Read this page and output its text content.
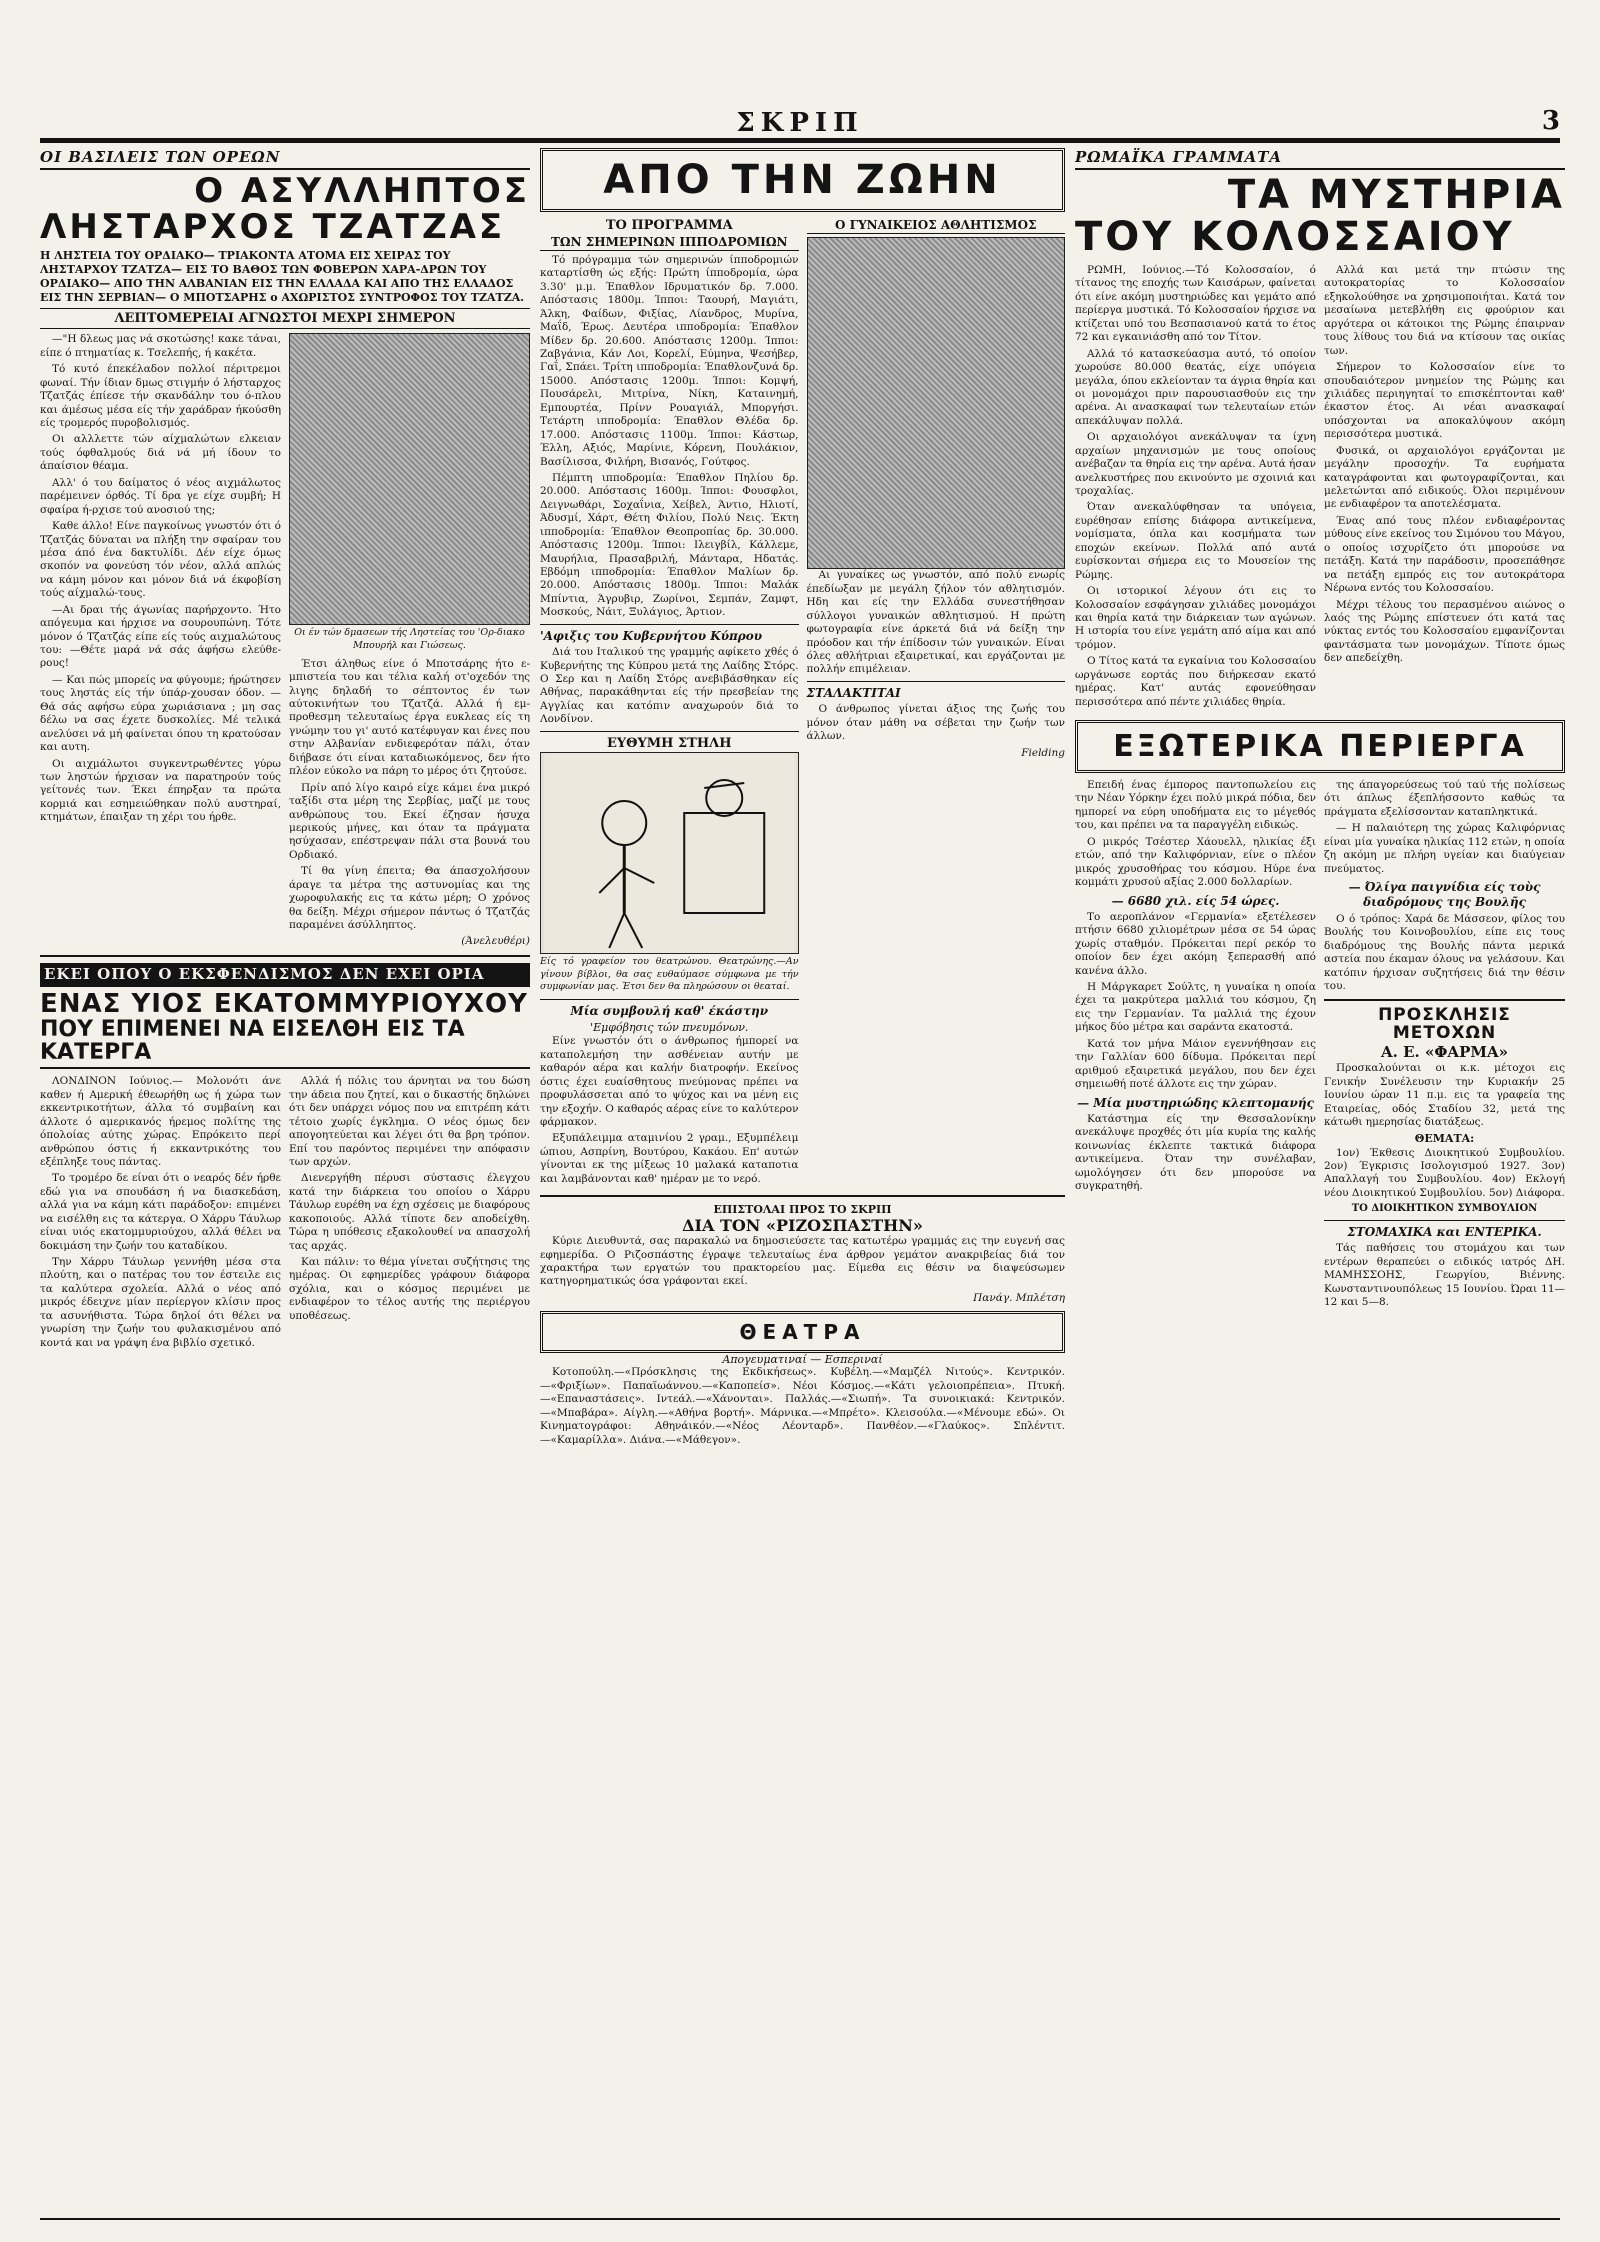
ΣΚΡΙΠ	3
ΟΙ ΒΑΣΙΛΕΙΣ ΤΩΝ ΟΡΕΩΝ
Ο ΑΣΥΛΛΗΠΤΟΣ
ΛΗΣΤΑΡΧΟΣ ΤΖΑΤΖΑΣ
Η ΛΗΣΤΕΙΑ ΤΟΥ ΟΡΔΙΑΚΟ— ΤΡΙΑΚΟΝΤΑ ΑΤΟΜΑ ΕΙΣ ΧΕΙΡΑΣ ΤΟΥ ΛΗΣΤΑΡΧΟΥ ΤΖΑΤΖΑ— ΕΙΣ ΤΟ ΒΑΘΟΣ ΤΩΝ ΦΟΒΕΡΩΝ ΧΑΡΑ-ΔΡΩΝ ΤΟΥ ΟΡΔΙΑΚΟ— ΑΠΟ ΤΗΝ ΑΛΒΑΝΙΑΝ ΕΙΣ ΤΗΝ ΕΛΛΑΔΑ ΚΑΙ ΑΠΟ ΤΗΣ ΕΛΛΑΔΟΣ ΕΙΣ ΤΗΝ ΣΕΡΒΙΑΝ— Ο ΜΠΟΤΣΑΡΗΣ ο ΑΧΩΡΙΣΤΟΣ ΣΥΝΤΡΟΦΟΣ ΤΟΥ ΤΖΑΤΖΑ.
ΛΕΠΤΟΜΕΡΕΙΑΙ ΑΓΝΩΣΤΟΙ ΜΕΧΡΙ ΣΗΜΕΡΟΝ

—"Η δλεως μας νά σκοτώσης! κακε τάναι, είπε ό πτηματίας κ. Τσελεπής, ή κακέτα.

Τό κυτό έπεκέλαδον πολλοί πέριτρεμοι φωναί. Τήν ίδιαν δμως στιγμήν ό λήσταρχος Τζατζάς έπίεσε τήν σκανδάλην του ό-πλου και άμέσως μέσα είς τήν χαράδραν ήκούσθη είς τρομερός πυροβολισμός.

Οι αλλλεττε τών αίχμαλώτων ελκειαν τούς όφθαλμούς διά νά μή ίδουν το άπαίσιον θέαμα.

Αλλ' ό του δαίματος ό νέος αιχμάλωτος παρέμεινεν όρθός. Τί δρα γε είχε συμβή; Η σφαίρα ή-ρχισε τού ανοσιού της;

Καθε άλλο! Είνε παγκοίνως γνωστόν ότι ό Τζατζάς δύναται να πλήξη την σφαίραν του μέσα άπό ένα δακτυλίδι. Δέν είχε όμως σκοπόν να φονεύση τόν νέον, αλλά απλώς να κάμη μόνον και μόνον διά νά έκφοβίση τούς αίχμαλώ-τους.

—Αι δραι τής άγωνίας παρήρχοντο. Ήτο απόγευμα και ήρχισε να σουρουπώνη. Τότε μόνον ό Τζατζάς είπε είς τούς αιχμαλώτους του: —Θέτε μαρά νά σάς άφήσω ελεύθε-ρους!

— Και πώς μπορείς να φύγουμε; ήρώτησεν τους ληστάς είς τήν ύπάρ-χουσαν όδον. — Θά σάς αφήσω εύρα χωριάσιανα ; μη σας δέλω να σας έχετε δυσκολίες. Μέ τελικά ανελύσει νά μή φαίνεται όπου τη κρατούσαν και αυτη.

Οι αιχμάλωτοι συγκεντρωθέντες γύρω των ληστών ήρχισαν να παρατηρούν τούς γείτονές των. Έκει έπηρξαν τα πρώτα κορμιά και εσημειώθηκαν πολύ αυστηραί, κτημάτων, έπαιξαν τη χέρι του ήρθε.

Οι έν τών δμασεων τής Ληστείας του 'Ορ-διακο Μπουρήλ και Γιώσεως.

Έτσι άληθως είνε ό Μποτσάρης ήτο ε-μπιστεία του και τέλια καλή οτ'οχεδόν της λιγης δηλαδή το σέπτοντος έν των αύτοκινήτων του Τζατζά. Αλλά ή εμ-προθεσμη τελευταίως έργα ευκλεας είς τη γνώμην του γι' αυτό κατέφυγαν και ένες που στην Αλβανίαν ενδιεφερόταν πάλι, όταν διήβασε ότι είναι καταδιωκόμενος, δεν ήτο πλέον εύκολο να πάρη το μέρος ότι ζητούσε.

Πρίν από λίγο καιρό είχε κάμει ένα μικρό ταξίδι στα μέρη της Σερβίας, μαζί με τους ανθρώπους του. Εκεί έζησαν ήσυχα μερικούς μήνες, και όταν τα πράγματα ησύχασαν, επέστρεψαν πάλι στα βουνά του Ορδιακό.

Τί θα γίνη έπειτα; Θα άπασχολήσουν άραγε τα μέτρα της αστυνομίας και της χωροφυλακής εις τα κάτω μέρη; Ο χρόνος θα δείξη. Μέχρι σήμερον πάντως ό Τζατζάς παραμένει άσύλληπτος.

(Άνελευθέρι)
ΕΚΕΙ ΟΠΟΥ Ο ΕΚΣΦΕΝΔΙΣΜΟΣ ΔΕΝ ΕΧΕΙ ΟΡΙΑ
ΕΝΑΣ ΥΙΟΣ ΕΚΑΤΟΜΜΥΡΙΟΥΧΟΥ
ΠΟΥ ΕΠΙΜΕΝΕΙ ΝΑ ΕΙΣΕΛΘΗ ΕΙΣ ΤΑ ΚΑΤΕΡΓΑ

ΛΟΝΔΙΝΟΝ Ιούνιος.— Μολονότι άνε καθεν ή Αμερική έθεωρήθη ως ή χώρα των εκκεντρικοτήτων, άλλα τό συμβαίνη και άλλοτε ό αμερικανός ήρεμος πολίτης της όπολοίας αύτης χώρας. Επρόκειτο περί ανθρώπου όστις ή εκκαντρικότης του εξέπληξε τους πάντας.

Το τρομέρο δε είναι ότι ο νεαρός δέν ήρθε εδώ για να σπουδάση ή να διασκεδάση, αλλά για να κάμη κάτι παράδοξον: επιμένει να εισέλθη εις τα κάτεργα. Ο Χάρρυ Τάυλωρ είναι υιός εκατομμυριούχου, αλλά θέλει να δοκιμάση την ζωήν του καταδίκου.

Την Χάρρυ Τάυλωρ γεννήθη μέσα στα πλούτη, και ο πατέρας του τον έστειλε εις τα καλύτερα σχολεία. Αλλά ο νέος από μικρός έδειχνε μίαν περίεργον κλίσιν προς τα ασυνήθιστα. Τώρα δηλοί ότι θέλει να γνωρίση την ζωήν του φυλακισμένου από κοντά και να γράψη ένα βιβλίο σχετικό.

Αλλά ή πόλις του άρνηται να του δώση την άδεια που ζητεί, και ο δικαστής δηλώνει ότι δεν υπάρχει νόμος που να επιτρέπη κάτι τέτοιο χωρίς έγκλημα. Ο νέος όμως δεν απογοητεύεται και λέγει ότι θα βρη τρόπον. Επί του παρόντος περιμένει την απόφασιν των αρχών.

Διενεργήθη πέρυσι σύστασις έλεγχου κατά την διάρκεια του οποίου ο Χάρρυ Τάυλωρ ευρέθη να έχη σχέσεις με διαφόρους κακοποιούς. Αλλά τίποτε δεν αποδείχθη. Τώρα η υπόθεσις εξακολουθεί να απασχολή τας αρχάς.

Και πάλιν: το θέμα γίνεται συζήτησις της ημέρας. Οι εφημερίδες γράφουν διάφορα σχόλια, και ο κόσμος περιμένει με ενδιαφέρον το τέλος αυτής της περιέργου υποθέσεως.

ΑΠΟ ΤΗΝ ΖΩΗΝ
ΤΟ ΠΡΟΓΡΑΜΜΑ
ΤΩΝ ΣΗΜΕΡΙΝΩΝ ΙΠΠΟΔΡΟΜΙΩΝ

Τό πρόγραμμα τών σημερινών ίπποδρομιών καταρτίσθη ώς εξής: Πρώτη ίπποδρομία, ώρα 3.30' μ.μ. Έπαθλον Ιδρυματικόν δρ. 7.000. Απόστασις 1800μ. Ίπποι: Ταουρή, Μαγιάτι, Άλκη, Φαίδων, Φιξίας, Λίανδρος, Μυρίνα, Μαΐδ, Έρως. Δευτέρα ιπποδρομία: Έπαθλον Μίδεν δρ. 20.600. Απόστασις 1200μ. Ίπποι: Ζαβγάνια, Κάν Λοι, Κορελί, Εύμηνα, Ψεσήβερ, Γαΐ, Σπάει. Τρίτη ιπποδρομία: Έπαθλονζυνά δρ. 15000. Απόστασις 1200μ. Ίπποι: Κομψή, Πουσάρελι, Μιτρίνα, Νίκη, Καταινημή, Εμπουρτέα, Πρίνν Ρουαγιάλ, Μποργήσι. Τετάρτη ιπποδρομία: Έπαθλον Θλέδα δρ. 17.000. Απόστασις 1100μ. Ίπποι: Κάστωρ, Έλλη, Αξιός, Μαρίνιε, Κόρενη, Πουλάκιον, Βασίλισσα, Φιλήρη, Βισανός, Γούτφος.

Πέμπτη ιπποδρομία: Έπαθλον Πηλίου δρ. 20.000. Απόστασις 1600μ. Ίπποι: Φουσφλοι, Δειγνωθάρι, Σοχαΐνια, Χείβελ, Άντιο, Ηλιοτί, Άδυσμί, Χάρτ, Θέτη Φιλίου, Πολύ Νεις. Έκτη ιπποδρομία: Έπαθλον Θεοπροπίας δρ. 30.000. Απόστασις 1200μ. Ίπποι: Ιλειγβίλ, Κάλλεμε, Μαυρήλια, Πρασαβριλή, Μάνταρα, Ηδατάς. Εβδόμη ιπποδρομία: Έπαθλον Μαλίων δρ. 20.000. Απόστασις 1800μ. Ίπποι: Μαλάκ Μπίντια, Άγρυβιρ, Ζωρίνοι, Σεμπάν, Ζαμφτ, Μοσκούς, Νάιτ, Ξυλάγιος, Άρτιον.

'Αφιξις του Κυβερνήτου Κύπρου

Διά του Ιταλικού της γραμμής αφίκετο χθές ό Κυβερνήτης της Κύπρου μετά της Λαίδης Στόρς. Ο Σερ και η Λαίδη Στόρς ανεβιβάσθηκαν είς Αθήνας, παρακάθηνται είς τήν πρεσβείαν της Αγγλίας και κατόπιν αναχωρούν διά το Λονδίνον.

ΕΥΘΥΜΗ ΣΤΗΛΗ
Είς τό γραφείον του θεατρώνου. Θεατρώνης.—Αν γίνουν βίβλοι, θα σας ευθαύμασε σύμφωνα με τήν συμφωνίαν μας. Έτσι δεν θα πληρώσουν οι θεαταί.
Μία συμβουλή καθ' έκάστην
'Εμφόβησις τών πνευμόνων.

Είνε γνωστόν ότι ο άνθρωπος ήμπορεί να καταπολεμήση την ασθένειαν αυτήν με καθαρόν αέρα και καλήν διατροφήν. Εκείνος όστις έχει ευαίσθητους πνεύμονας πρέπει να προφυλάσσεται από το ψύχος και να μένη εις την εξοχήν. Ο καθαρός αέρας είνε το καλύτερον φάρμακον.

Εξυπάλειμμα αταμινίου 2 γραμ., Εξυμπέλειμ ώπιου, Ασπρίνη, Βουτύρου, Κακάου. Επ' αυτών γίνονται εκ της μίξεως 10 μαλακά καταποτια και λαμβάνονται καθ' ημέραν με το νερό.

Ο ΓΥΝΑΙΚΕΙΟΣ ΑΘΛΗΤΙΣΜΟΣ

Αι γυναίκες ως γνωστόν, από πολύ ενωρίς έπεδίωξαν με μεγάλη ζήλον τόν αθλητισμόν. Ηδη και είς την Ελλάδα συνεστήθησαν σύλλογοι γυναικών αθλητισμού. Η πρώτη φωτογραφία είνε άρκετά διά νά δείξη την πρόοδον και τήν έπίδοσιν τών γυναικών. Είναι όλες αθλήτριαι εξαιρετικαί, και εργάζονται με πολλήν επιμέλειαν.

ΣΤΑΛΑΚΤΙΤΑΙ

Ο άνθρωπος γίνεται άξιος της ζωής του μόνον όταν μάθη να σέβεται την ζωήν των άλλων.

Fielding
ΕΠΙΣΤΟΛΑΙ ΠΡΟΣ ΤΟ ΣΚΡΙΠ
ΔΙΑ ΤΟΝ «ΡΙΖΟΣΠΑΣΤΗΝ»

Κύριε Διευθυντά, σας παρακαλώ να δημοσιεύσετε τας κατωτέρω γραμμάς εις την ευγενή σας εφημερίδα. Ο Ριζοσπάστης έγραψε τελευταίως ένα άρθρον γεμάτον ανακριβείας διά τον χαρακτήρα των εργατών του πρακτορείου μας. Είμεθα εις θέσιν να διαψεύσωμεν κατηγορηματικώς όσα γράφονται εκεί.

Πανάγ. Μπλέτση
ΘΕΑΤΡΑ
Απογευματιναί — Εσπεριναί

Κοτοπούλη.—«Πρόσκλησις της Εκδικήσεως». Κυβέλη.—«Μαμζέλ Νιτούς». Κεντρικόν.—«Φριξίων». Παπαϊωάννου.—«Καποπείσ». Νέοι Κόσμος.—«Κάτι γελοιοπρέπεια». Πτυκή.—«Επαναστάσεις». Ιντεάλ.—«Χάνονται». Παλλάς.—«Σιωπή». Τα συνοικιακά: Κεντρικόν.—«Μπαβάρα». Αίγλη.—«Αθήνα βορτή». Μάρνικα.—«Μπρέτο». Κλεισούλα.—«Μένουμε εδώ». Οι Κινηματογράφοι: Αθηνάικόν.—«Νέος Λέονταρδ». Πανθέον.—«Γλαύκος». Σπλέντιτ.—«Καμαρίλλα». Διάνα.—«Μάθεγον».

ΡΩΜΑΪΚΑ ΓΡΑΜΜΑΤΑ
ΤΑ ΜΥΣΤΗΡΙΑ
ΤΟΥ ΚΟΛΟΣΣΑΙΟΥ

ΡΩΜΗ, Ιούνιος.—Τό Κολοσσαίον, ό τίτανος της εποχής των Καισάρων, φαίνεται ότι είνε ακόμη μυστηριώδες και γεμάτο από περίεργα μυστικά. Τό Κολοσσαίον ήρχισε να κτίζεται υπό του Βεσπασιανού κατά το έτος 72 και εγκαινιάσθη από τον Τίτον.

Αλλά τό κατασκεύασμα αυτό, τό οποίον χωρούσε 80.000 θεατάς, είχε υπόγεια μεγάλα, όπου εκλείονταν τα άγρια θηρία και οι μονομάχοι πριν παρουσιασθούν εις την αρένα. Αι ανασκαφαί των τελευταίων ετών απεκάλυψαν πολλά.

Οι αρχαιολόγοι ανεκάλυψαν τα ίχνη αρχαίων μηχανισμών με τους οποίους ανέβαζαν τα θηρία εις την αρένα. Αυτά ήσαν ανελκυστήρες που εκινούντο με σχοινιά και τροχαλίας.

Όταν ανεκαλύφθησαν τα υπόγεια, ευρέθησαν επίσης διάφορα αντικείμενα, νομίσματα, όπλα και κοσμήματα των εποχών εκείνων. Πολλά από αυτά ευρίσκονται σήμερα εις το Μουσείον της Ρώμης.

Οι ιστορικοί λέγουν ότι εις το Κολοσσαίον εσφάγησαν χιλιάδες μονομάχοι και θηρία κατά την διάρκειαν των αγώνων. Η ιστορία του είνε γεμάτη από αίμα και από τρόμον.

Ο Τίτος κατά τα εγκαίνια του Κολοσσαίου ωργάνωσε εορτάς που διήρκεσαν εκατό ημέρας. Κατ' αυτάς εφονεύθησαν περισσότερα από πέντε χιλιάδες θηρία.

Αλλά και μετά την πτώσιν της αυτοκρατορίας το Κολοσσαίον εξηκολούθησε να χρησιμοποιήται. Κατά τον μεσαίωνα μετεβλήθη εις φρούριον και αργότερα οι κάτοικοι της Ρώμης έπαιρναν τους λίθους του διά να κτίσουν τας οικίας των.

Σήμερον το Κολοσσαίον είνε το σπουδαιότερον μνημείον της Ρώμης και χιλιάδες περιηγηταί το επισκέπτονται καθ' έκαστον έτος. Αι νέαι ανασκαφαί υπόσχονται να αποκαλύψουν ακόμη περισσότερα μυστικά.

Φυσικά, οι αρχαιολόγοι εργάζονται με μεγάλην προσοχήν. Τα ευρήματα καταγράφονται και φωτογραφίζονται, και μελετώνται από ειδικούς. Όλοι περιμένουν με ενδιαφέρον τα αποτελέσματα.

Ένας από τους πλέον ενδιαφέροντας μύθους είνε εκείνος του Σιμόνου του Μάγου, ο οποίος ισχυρίζετο ότι μπορούσε να πετάξη. Κατά την παράδοσιν, προσεπάθησε να πετάξη εμπρός εις τον αυτοκράτορα Νέρωνα εντός του Κολοσσαίου.

Μέχρι τέλους του περασμένου αιώνος ο λαός της Ρώμης επίστευεν ότι κατά τας νύκτας εντός του Κολοσσαίου εμφανίζονται φαντάσματα των μονομάχων. Τίποτε όμως δεν απεδείχθη.

ΕΞΩΤΕΡΙΚΑ ΠΕΡΙΕΡΓΑ

Επειδή ένας έμπορος παντοπωλείου εις την Νέαν Υόρκην έχει πολύ μικρά πόδια, δεν ημπορεί να εύρη υποδήματα εις το μέγεθός του, και πρέπει να τα παραγγέλη ειδικώς.

Ο μικρός Τσέστερ Χάουελλ, ηλικίας έξι ετών, από την Καλιφόρνιαν, είνε ο πλέον μικρός χρυσοθήρας του κόσμου. Ηύρε ένα κομμάτι χρυσού αξίας 2.000 δολλαρίων.

— 6680 χιλ. είς 54 ώρες.

Το αεροπλάνον «Γερμανία» εξετέλεσεν πτήσιν 6680 χιλιομέτρων μέσα σε 54 ώρας χωρίς σταθμόν. Πρόκειται περί ρεκόρ το οποίον δεν έχει ακόμη ξεπερασθή από κανένα άλλο.

Η Μάργκαρετ Σούλτς, η γυναίκα η οποία έχει τα μακρύτερα μαλλιά του κόσμου, ζη εις την Γερμανίαν. Τα μαλλιά της έχουν μήκος δύο μέτρα και σαράντα εκατοστά.

Κατά τον μήνα Μάιον εγεννήθησαν εις την Γαλλίαν 600 δίδυμα. Πρόκειται περί αριθμού εξαιρετικά μεγάλου, που δεν έχει σημειωθή ποτέ άλλοτε εις την χώραν.

— Μία μυστηριώδης κλεπτομανής

Κατάστημα είς την Θεσσαλονίκην ανεκάλυψε προχθές ότι μία κυρία της καλής κοινωνίας έκλεπτε τακτικά διάφορα αντικείμενα. Όταν την συνέλαβαν, ωμολόγησεν ότι δεν μπορούσε να συγκρατηθή.

της άπαγορεύσεως τού ταύ τής πολίσεως ότι άπλως έξεπλήσσοντο καθώς τα πράγματα εξελίσσονταν καταπληκτικά.

— Η παλαιότερη της χώρας Καλιφόρνιας είναι μία γυναίκα ηλικίας 112 ετών, η οποία ζη ακόμη με πλήρη υγείαν και διαύγειαν πνεύματος.

— Όλίγα παιγνίδια είς τοὺς διαδρόμους της Βουλῆς

Ο ό τρόπος: Χαρά δε Μάσσεον, φίλος του Βουλής του Κοινοβουλίου, είπε εις τους διαδρόμους της Βουλής πάντα μερικά αστεία που έκαμαν όλους να γελάσουν. Και κατόπιν ήρχισαν συζητήσεις διά την θέσιν του.

ΠΡΟΣΚΛΗΣΙΣ ΜΕΤΟΧΩΝ
Α. Ε. «ΦΑΡΜΑ»

Προσκαλούνται οι κ.κ. μέτοχοι εις Γενικήν Συνέλευσιν την Κυριακήν 25 Ιουνίου ώραν 11 π.μ. εις τα γραφεία της Εταιρείας, οδός Σταδίου 32, μετά της κάτωθι ημερησίας διατάξεως.

ΘΕΜΑΤΑ:

1ον) Έκθεσις Διοικητικού Συμβουλίου. 2ον) Έγκρισις Ισολογισμού 1927. 3ον) Απαλλαγή του Συμβουλίου. 4ον) Εκλογή νέου Διοικητικού Συμβουλίου. 5ον) Διάφορα.

ΤΟ ΔΙΟΙΚΗΤΙΚΟΝ ΣΥΜΒΟΥΛΙΟΝ
ΣΤΟΜΑΧΙΚΑ και ΕΝΤΕΡΙΚΑ.

Τάς παθήσεις του στομάχου και των εντέρων θεραπεύει ο ειδικός ιατρός ΔΗ. ΜΑΜΗΣΣΟΗΣ, Γεωργίου, Βιέννης. Κωνσταντινουπόλεως 15 Ιουνίου. Ώραι 11—12 και 5—8.
